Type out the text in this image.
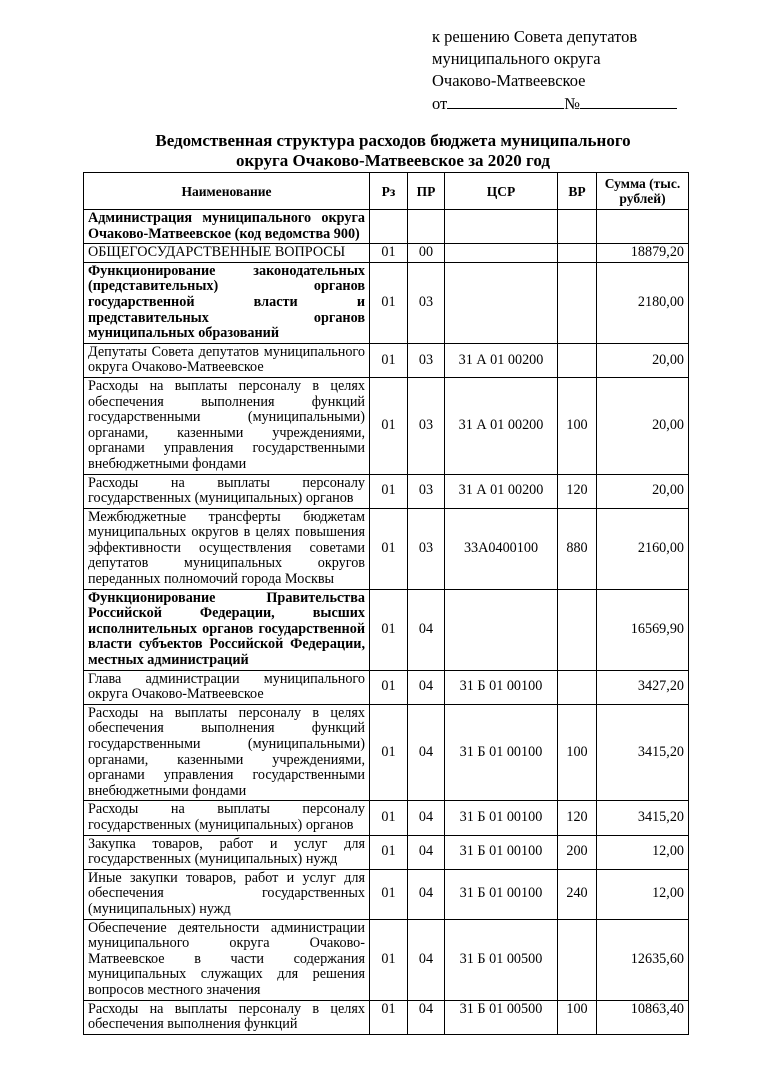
к решению Совета депутатов
муниципального округа
Очаково-Матвеевское
от	№
Ведомственная структура расходов бюджета муниципального
округа Очаково-Матвеевское за 2020 год
Наименование	Рз	ПР	ЦСР	ВР	Сумма (тыс. рублей)
Администрация муниципального округа Очаково-Матвеевское (код ведомства 900)					
ОБЩЕГОСУДАРСТВЕННЫЕ ВОПРОСЫ	01	00			18879,20
Функционирование законодательных (представительных) органов государственной власти и представительных органов муниципальных образований	01	03			2180,00
Депутаты Совета депутатов муниципального округа Очаково-Матвеевское	01	03	31 А 01 00200		20,00
Расходы на выплаты персоналу в целях обеспечения выполнения функций государственными (муниципальными) органами, казенными учреждениями, органами управления государственными внебюджетными фондами	01	03	31 А 01 00200	100	20,00
Расходы на выплаты персоналу государственных (муниципальных) органов	01	03	31 А 01 00200	120	20,00
Межбюджетные трансферты бюджетам муниципальных округов в целях повышения эффективности осуществления советами депутатов муниципальных округов переданных полномочий города Москвы	01	03	33А0400100	880	2160,00
Функционирование Правительства Российской Федерации, высших исполнительных органов государственной власти субъектов Российской Федерации, местных администраций	01	04			16569,90
Глава администрации муниципального округа Очаково-Матвеевское	01	04	31 Б 01 00100		3427,20
Расходы на выплаты персоналу в целях обеспечения выполнения функций государственными (муниципальными) органами, казенными учреждениями, органами управления государственными внебюджетными фондами	01	04	31 Б 01 00100	100	3415,20
Расходы на выплаты персоналу государственных (муниципальных) органов	01	04	31 Б 01 00100	120	3415,20
Закупка товаров, работ и услуг для государственных (муниципальных) нужд	01	04	31 Б 01 00100	200	12,00
Иные закупки товаров, работ и услуг для обеспечения государственных (муниципальных) нужд	01	04	31 Б 01 00100	240	12,00
Обеспечение деятельности администрации муниципального округа Очаково-Матвеевское в части содержания муниципальных служащих для решения вопросов местного значения	01	04	31 Б 01 00500		12635,60
Расходы на выплаты персоналу в целях обеспечения выполнения функций	01	04	31 Б 01 00500	100	10863,40
